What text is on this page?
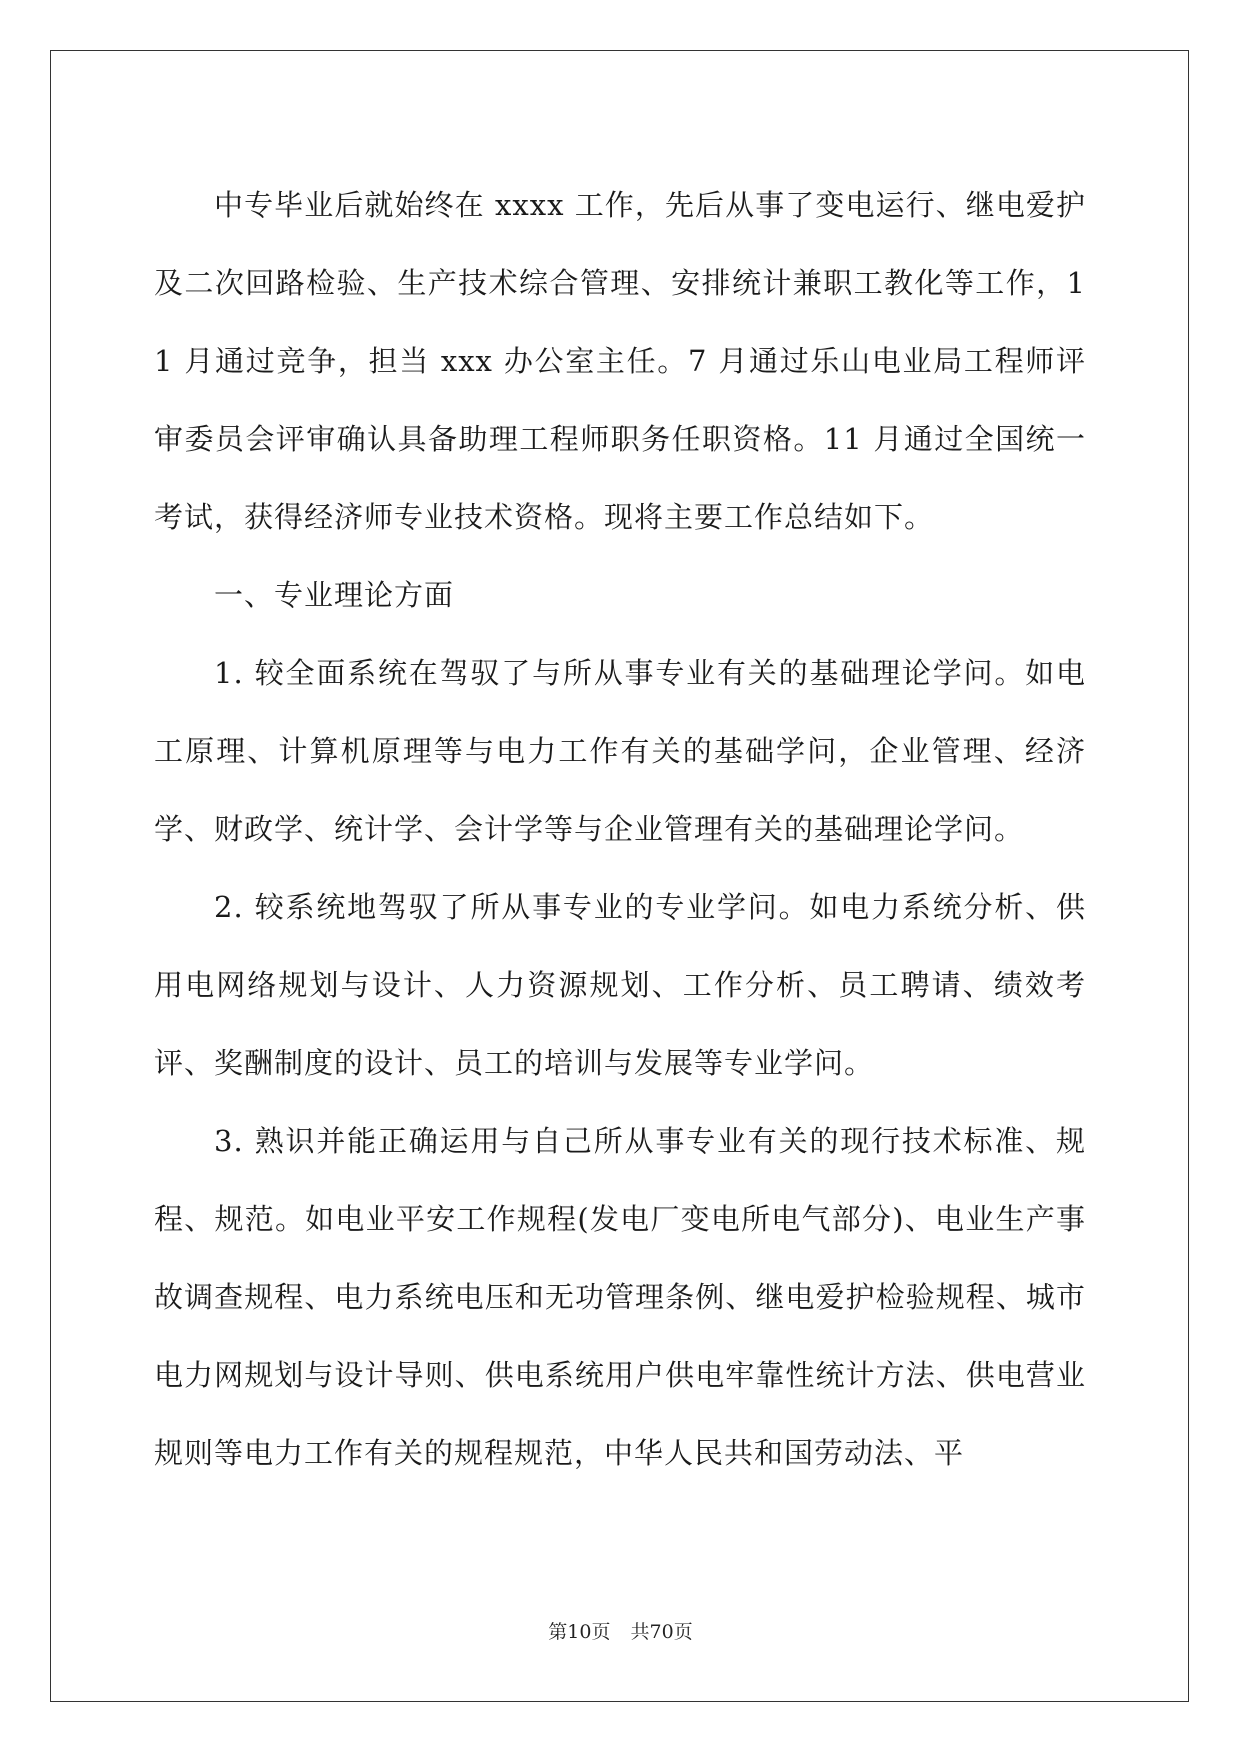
中专毕业后就始终在 xxxx 工作，先后从事了变电运行、继电爱护及二次回路检验、生产技术综合管理、安排统计兼职工教化等工作，11 月通过竞争，担当 xxx 办公室主任。7 月通过乐山电业局工程师评审委员会评审确认具备助理工程师职务任职资格。11 月通过全国统一考试，获得经济师专业技术资格。现将主要工作总结如下。

一、专业理论方面

1. 较全面系统在驾驭了与所从事专业有关的基础理论学问。如电工原理、计算机原理等与电力工作有关的基础学问，企业管理、经济学、财政学、统计学、会计学等与企业管理有关的基础理论学问。

2. 较系统地驾驭了所从事专业的专业学问。如电力系统分析、供用电网络规划与设计、人力资源规划、工作分析、员工聘请、绩效考评、奖酬制度的设计、员工的培训与发展等专业学问。

3. 熟识并能正确运用与自己所从事专业有关的现行技术标准、规程、规范。如电业平安工作规程(发电厂变电所电气部分)、电业生产事故调查规程、电力系统电压和无功管理条例、继电爱护检验规程、城市电力网规划与设计导则、供电系统用户供电牢靠性统计方法、供电营业规则等电力工作有关的规程规范，中华人民共和国劳动法、平

第10页 共70页
